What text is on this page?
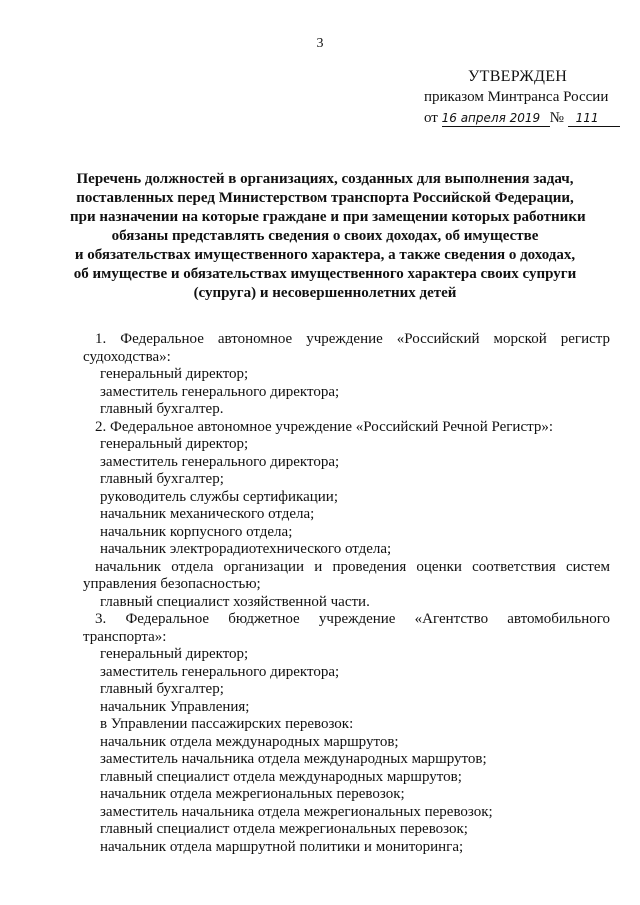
3
УТВЕРЖДЕН
приказом Минтранса России
от 16 апреля 2019 № 111
Перечень должностей в организациях, созданных для выполнения задач,
поставленных перед Министерством транспорта Российской Федерации,
при назначении на которые граждане и при замещении которых работники
обязаны представлять сведения о своих доходах, об имуществе
и обязательствах имущественного характера, а также сведения о доходах,
об имуществе и обязательствах имущественного характера своих супруги
(супруга) и несовершеннолетних детей
1. Федеральное автономное учреждение «Российский морской регистр
судоходства»:
генеральный директор;
заместитель генерального директора;
главный бухгалтер.
2. Федеральное автономное учреждение «Российский Речной Регистр»:
генеральный директор;
заместитель генерального директора;
главный бухгалтер;
руководитель службы сертификации;
начальник механического отдела;
начальник корпусного отдела;
начальник электрорадиотехнического отдела;
начальник отдела организации и проведения оценки соответствия систем
управления безопасностью;
главный специалист хозяйственной части.
3. Федеральное бюджетное учреждение «Агентство автомобильного
транспорта»:
генеральный директор;
заместитель генерального директора;
главный бухгалтер;
начальник Управления;
в Управлении пассажирских перевозок:
начальник отдела международных маршрутов;
заместитель начальника отдела международных маршрутов;
главный специалист отдела международных маршрутов;
начальник отдела межрегиональных перевозок;
заместитель начальника отдела межрегиональных перевозок;
главный специалист отдела межрегиональных перевозок;
начальник отдела маршрутной политики и мониторинга;
